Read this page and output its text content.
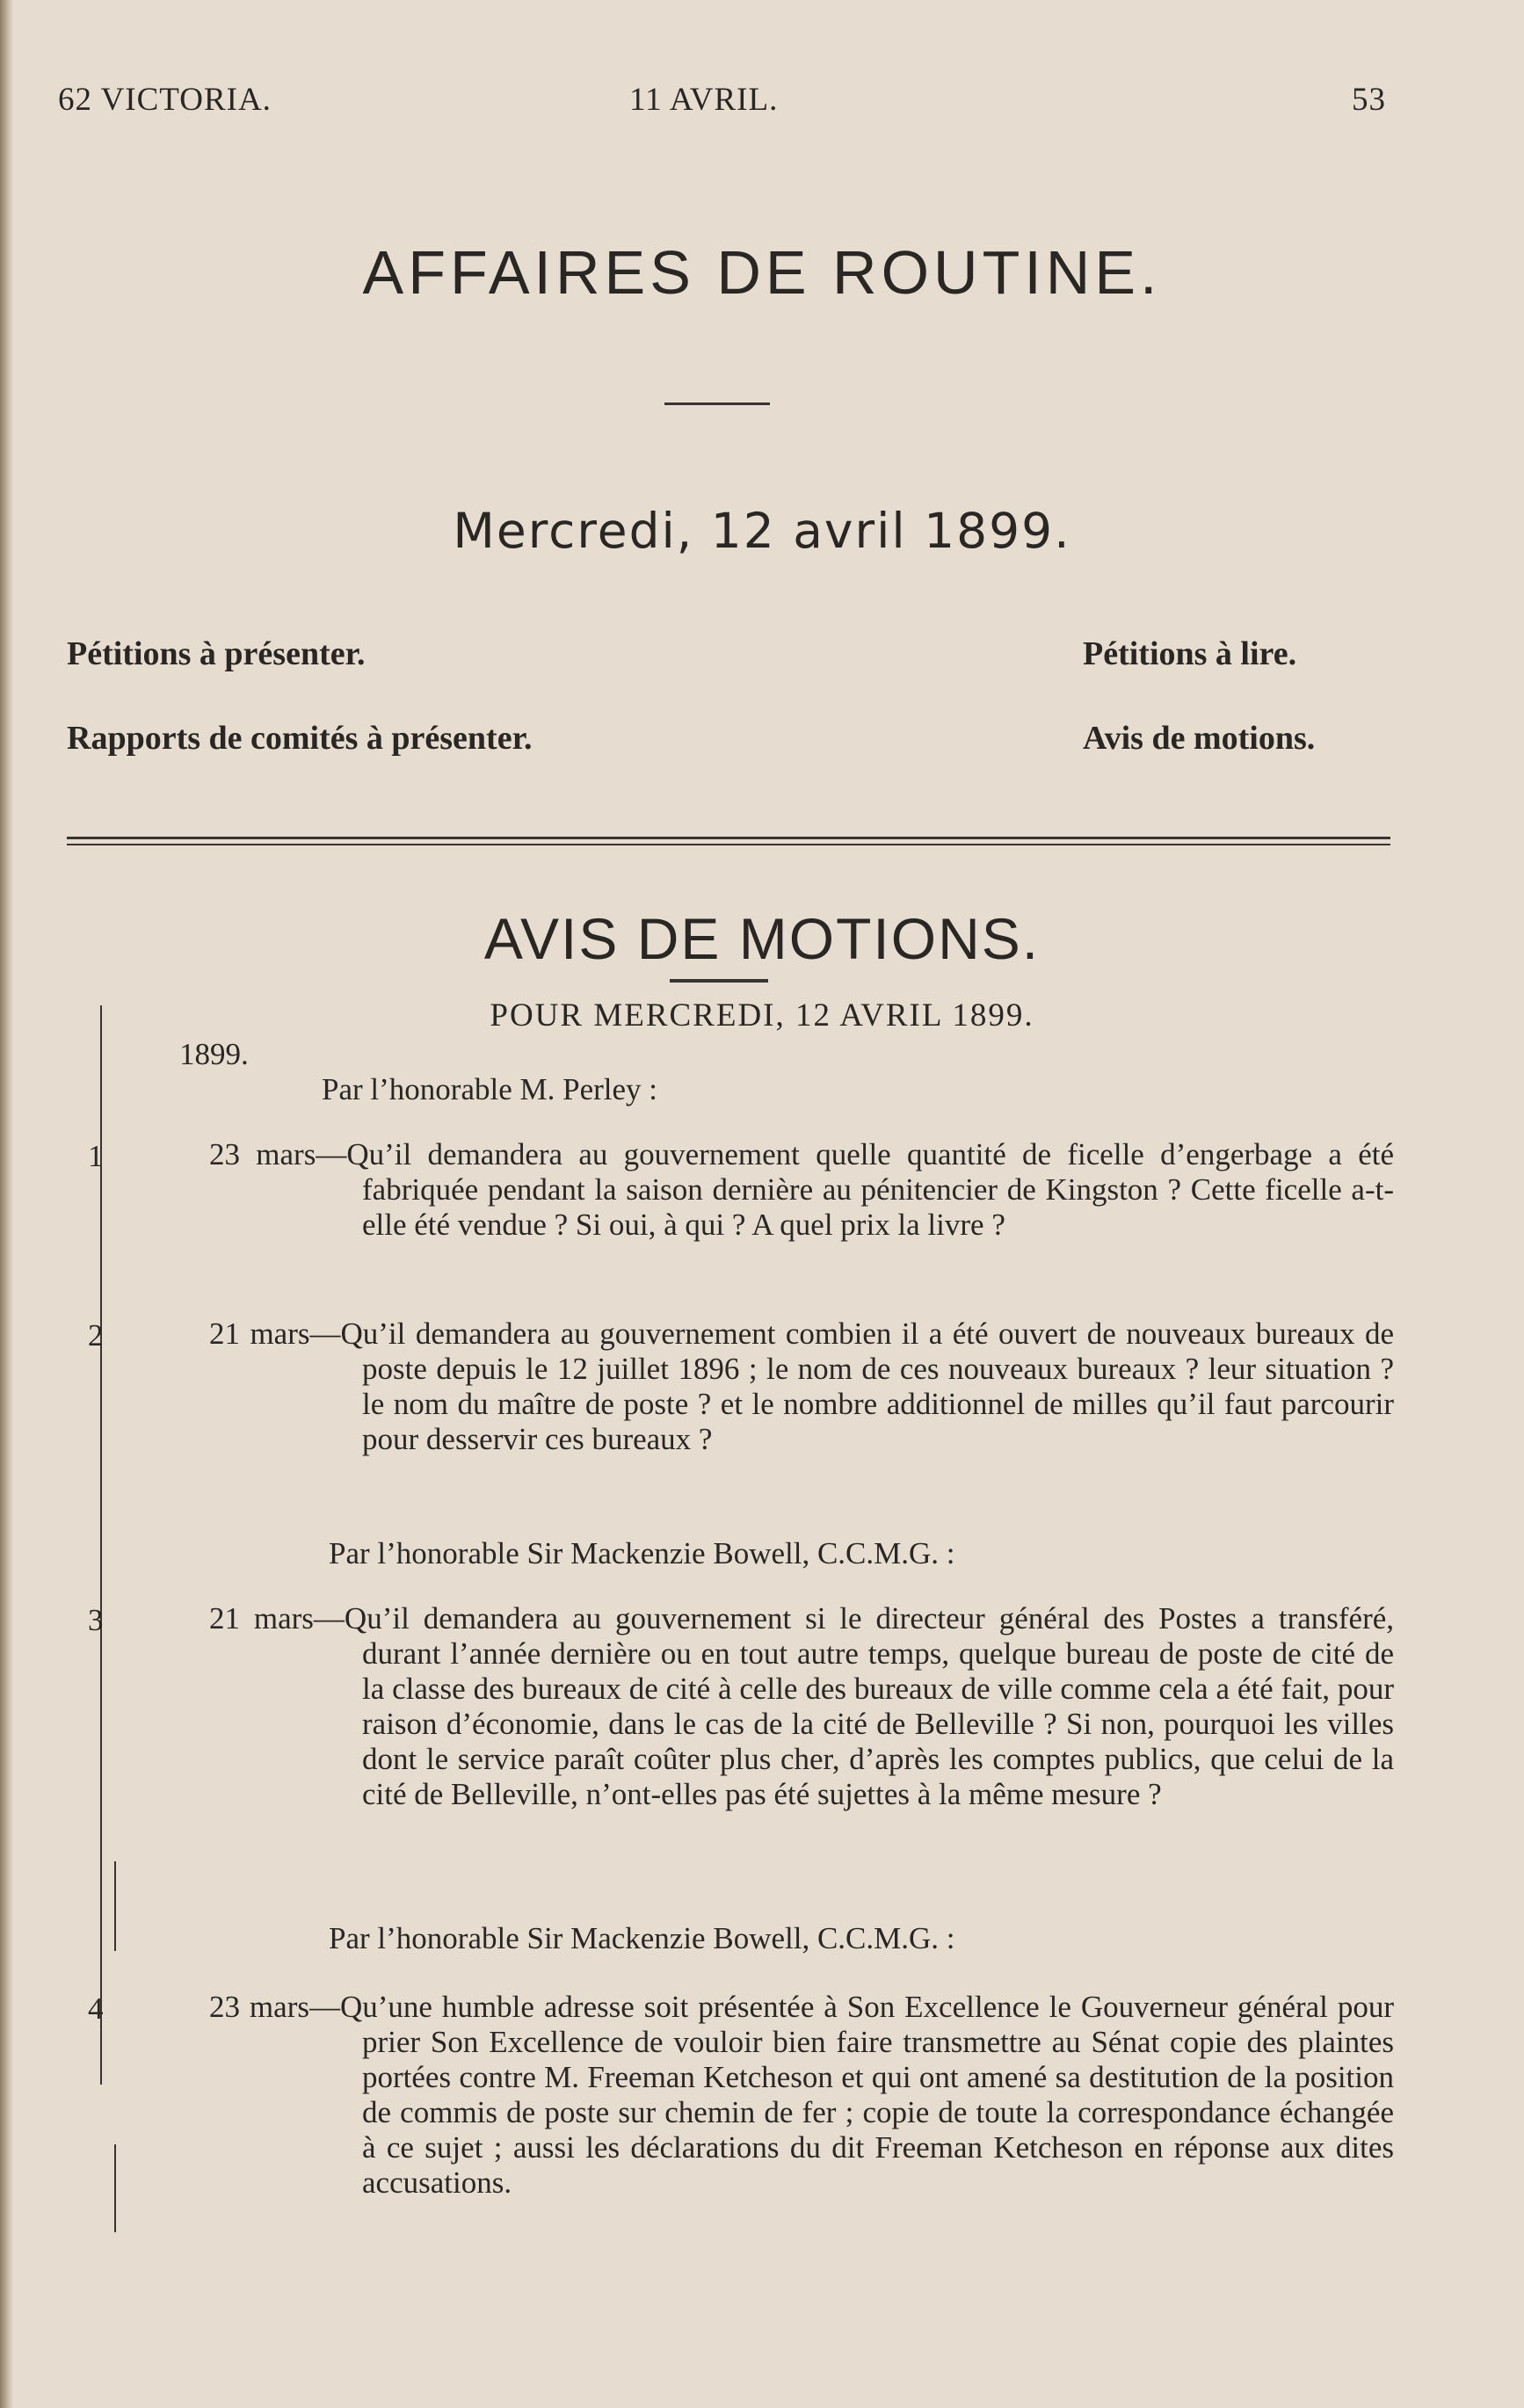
62 VICTORIA.	11 AVRIL.	53
AFFAIRES DE ROUTINE.
Mercredi, 12 avril 1899.
Pétitions à présenter.	Pétitions à lire.
Rapports de comités à présenter.	Avis de motions.
AVIS DE MOTIONS.
POUR MERCREDI, 12 AVRIL 1899.
1899.
Par l’honorable M. Perley :
1	23 mars—Qu’il demandera au gouvernement quelle quantité de ficelle d’engerbage a été fabriquée pendant la saison dernière au pénitencier de Kingston ? Cette ficelle a-t-elle été vendue ? Si oui, à qui ? A quel prix la livre ?
2	21 mars—Qu’il demandera au gouvernement combien il a été ouvert de nouveaux bureaux de poste depuis le 12 juillet 1896 ; le nom de ces nouveaux bureaux ? leur situation ? le nom du maître de poste ? et le nombre additionnel de milles qu’il faut parcourir pour desservir ces bureaux ?
Par l’honorable Sir Mackenzie Bowell, C.C.M.G. :
3	21 mars—Qu’il demandera au gouvernement si le directeur général des Postes a transféré, durant l’année dernière ou en tout autre temps, quelque bureau de poste de cité de la classe des bureaux de cité à celle des bureaux de ville comme cela a été fait, pour raison d’économie, dans le cas de la cité de Belleville ? Si non, pourquoi les villes dont le service paraît coûter plus cher, d’après les comptes publics, que celui de la cité de Belleville, n’ont-elles pas été sujettes à la même mesure ?
Par l’honorable Sir Mackenzie Bowell, C.C.M.G. :
4	23 mars—Qu’une humble adresse soit présentée à Son Excellence le Gouverneur général pour prier Son Excellence de vouloir bien faire transmettre au Sénat copie des plaintes portées contre M. Freeman Ketcheson et qui ont amené sa destitution de la position de commis de poste sur chemin de fer ; copie de toute la correspondance échangée à ce sujet ; aussi les déclarations du dit Freeman Ketcheson en réponse aux dites accusations.
